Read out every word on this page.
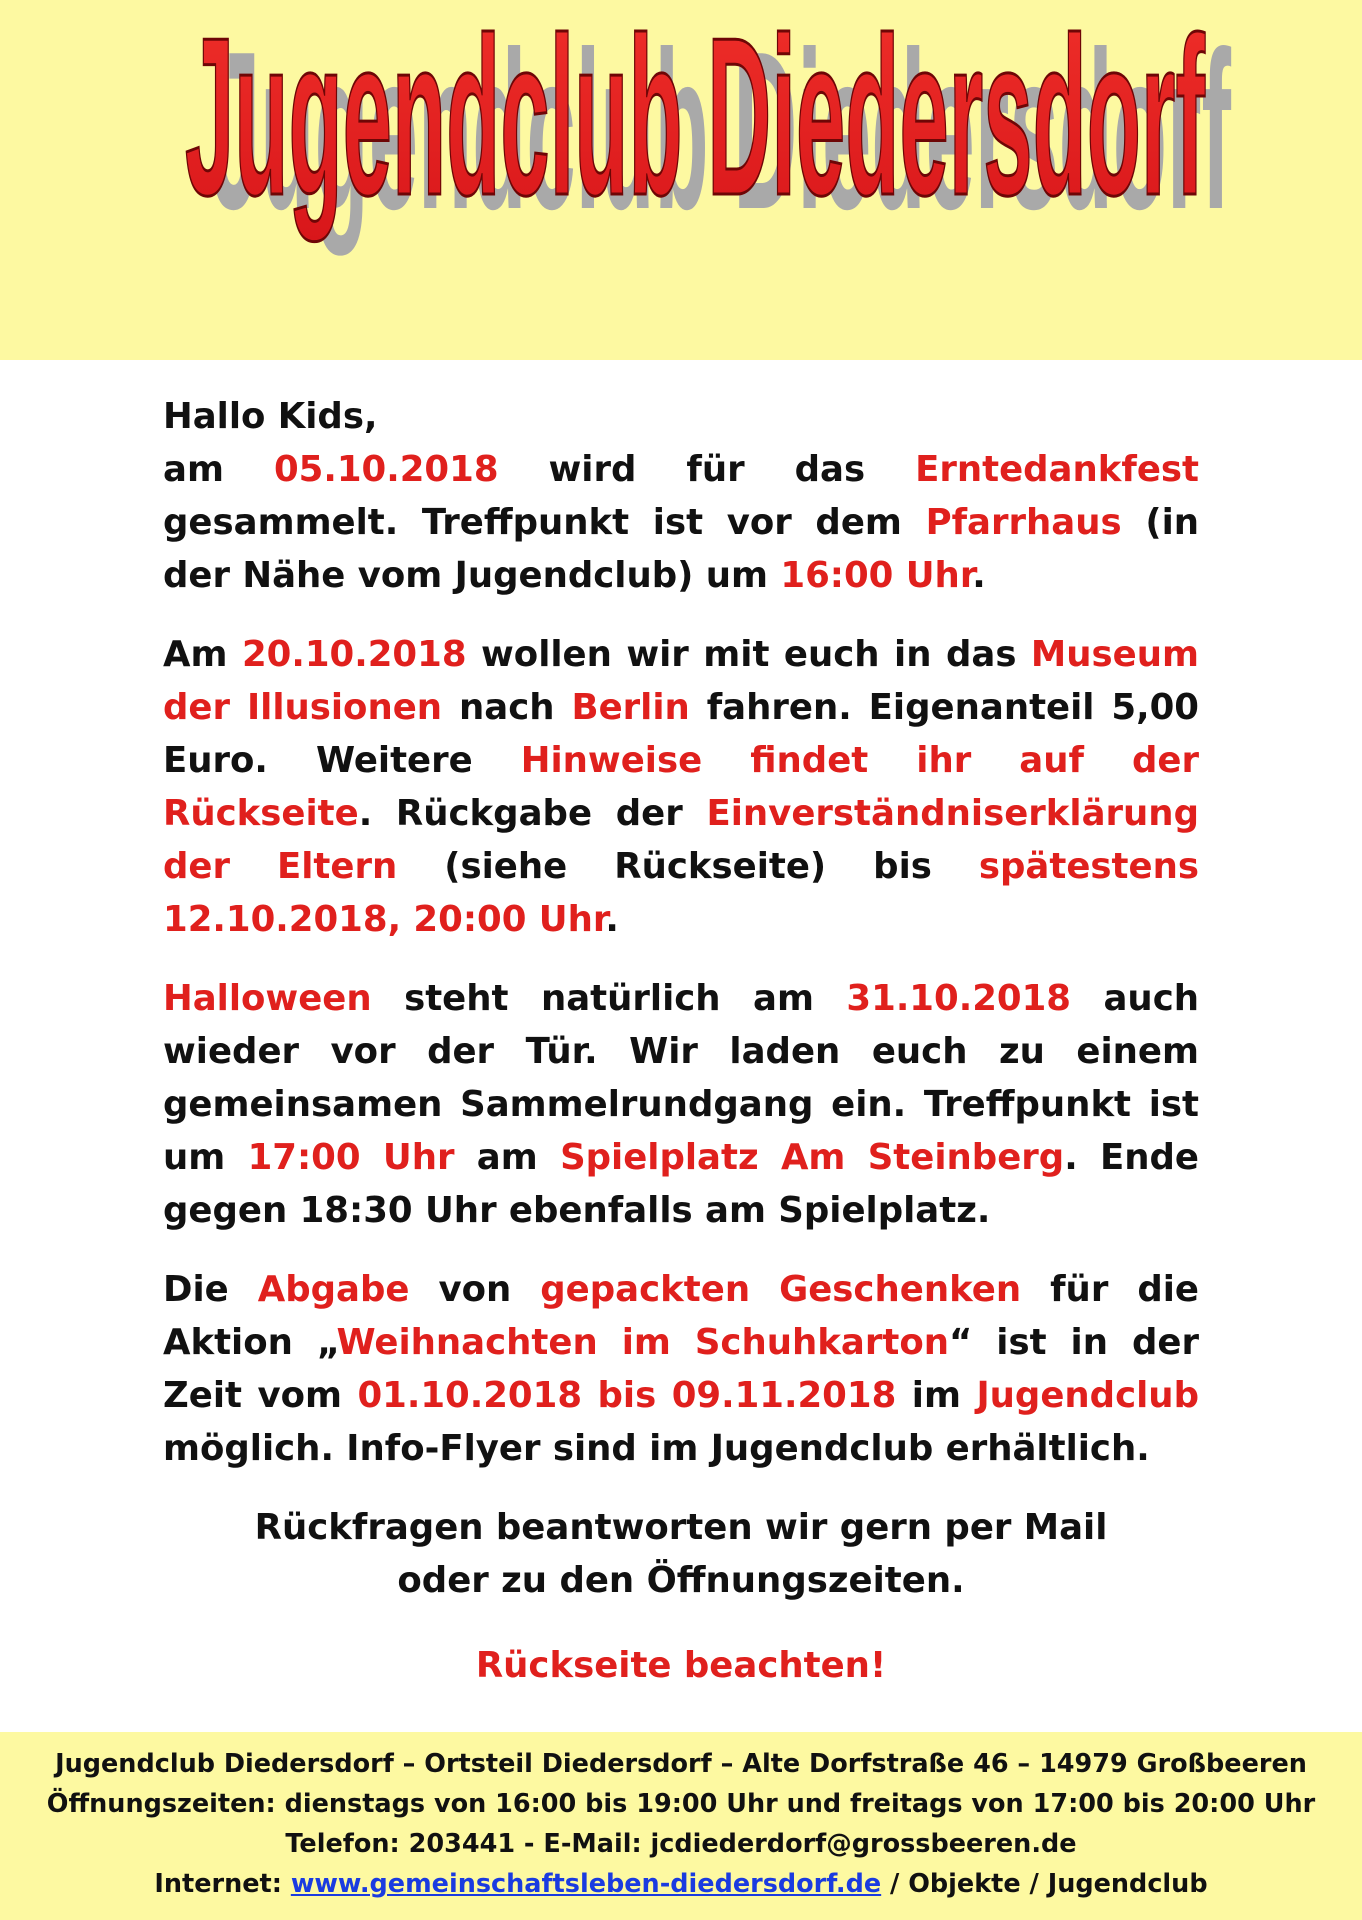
Jugendclub Diedersdorf
Jugendclub Diedersdorf

Hallo Kids,
am 05.10.2018 wird für das Erntedankfest gesammelt. Treffpunkt ist vor dem Pfarrhaus (in der Nähe vom Jugendclub) um 16:00 Uhr.

Am 20.10.2018 wollen wir mit euch in das Museum der Illusionen nach Berlin fahren. Eigenanteil 5,00 Euro. Weitere Hinweise findet ihr auf der Rückseite. Rückgabe der Einverständniserklärung der Eltern (siehe Rückseite) bis spätestens 12.10.2018, 20:00 Uhr.

Halloween steht natürlich am 31.10.2018 auch wieder vor der Tür. Wir laden euch zu einem gemeinsamen Sammelrundgang ein. Treffpunkt ist um 17:00 Uhr am Spielplatz Am Steinberg. Ende gegen 18:30 Uhr ebenfalls am Spielplatz.

Die Abgabe von gepackten Geschenken für die Aktion „Weihnachten im Schuhkarton“ ist in der Zeit vom 01.10.2018 bis 09.11.2018 im Jugendclub möglich. Info-Flyer sind im Jugendclub erhältlich.

Rückfragen beantworten wir gern per Mail oder zu den Öffnungszeiten.

Rückseite beachten!

Jugendclub Diedersdorf – Ortsteil Diedersdorf – Alte Dorfstraße 46 – 14979 Großbeeren
Öffnungszeiten: dienstags von 16:00 bis 19:00 Uhr und freitags von 17:00 bis 20:00 Uhr
Telefon: 203441 - E-Mail: jcdiederdorf@grossbeeren.de
Internet: www.gemeinschaftsleben-diedersdorf.de / Objekte / Jugendclub
